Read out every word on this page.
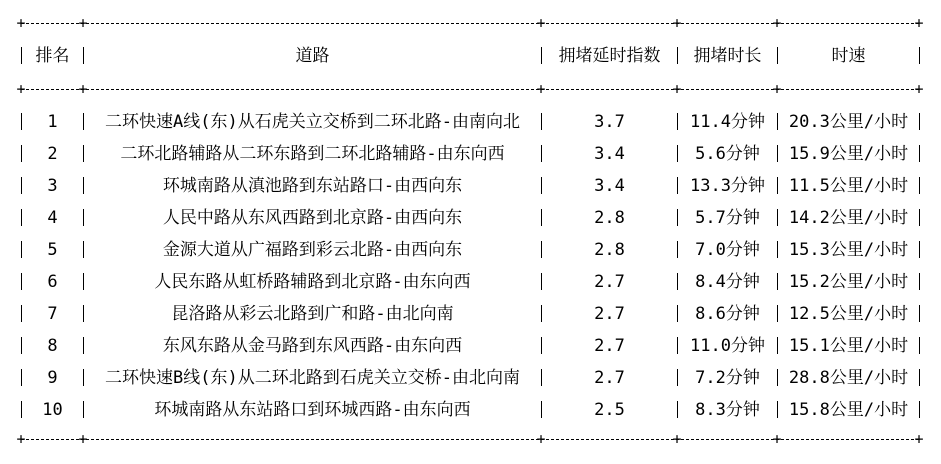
+	+	+	+	+	+
排名	道路	拥堵延时指数	拥堵时长	时速
+	+	+	+	+	+
1	二环快速A线(东)从石虎关立交桥到二环北路-由南向北	3.7	11.4分钟	20.3公里/小时
2	二环北路辅路从二环东路到二环北路辅路-由东向西	3.4	5.6分钟	15.9公里/小时
3	环城南路从滇池路到东站路口-由西向东	3.4	13.3分钟	11.5公里/小时
4	人民中路从东风西路到北京路-由西向东	2.8	5.7分钟	14.2公里/小时
5	金源大道从广福路到彩云北路-由西向东	2.8	7.0分钟	15.3公里/小时
6	人民东路从虹桥路辅路到北京路-由东向西	2.7	8.4分钟	15.2公里/小时
7	昆洛路从彩云北路到广和路-由北向南	2.7	8.6分钟	12.5公里/小时
8	东风东路从金马路到东风西路-由东向西	2.7	11.0分钟	15.1公里/小时
9	二环快速B线(东)从二环北路到石虎关立交桥-由北向南	2.7	7.2分钟	28.8公里/小时
10	环城南路从东站路口到环城西路-由东向西	2.5	8.3分钟	15.8公里/小时
+	+	+	+	+	+
